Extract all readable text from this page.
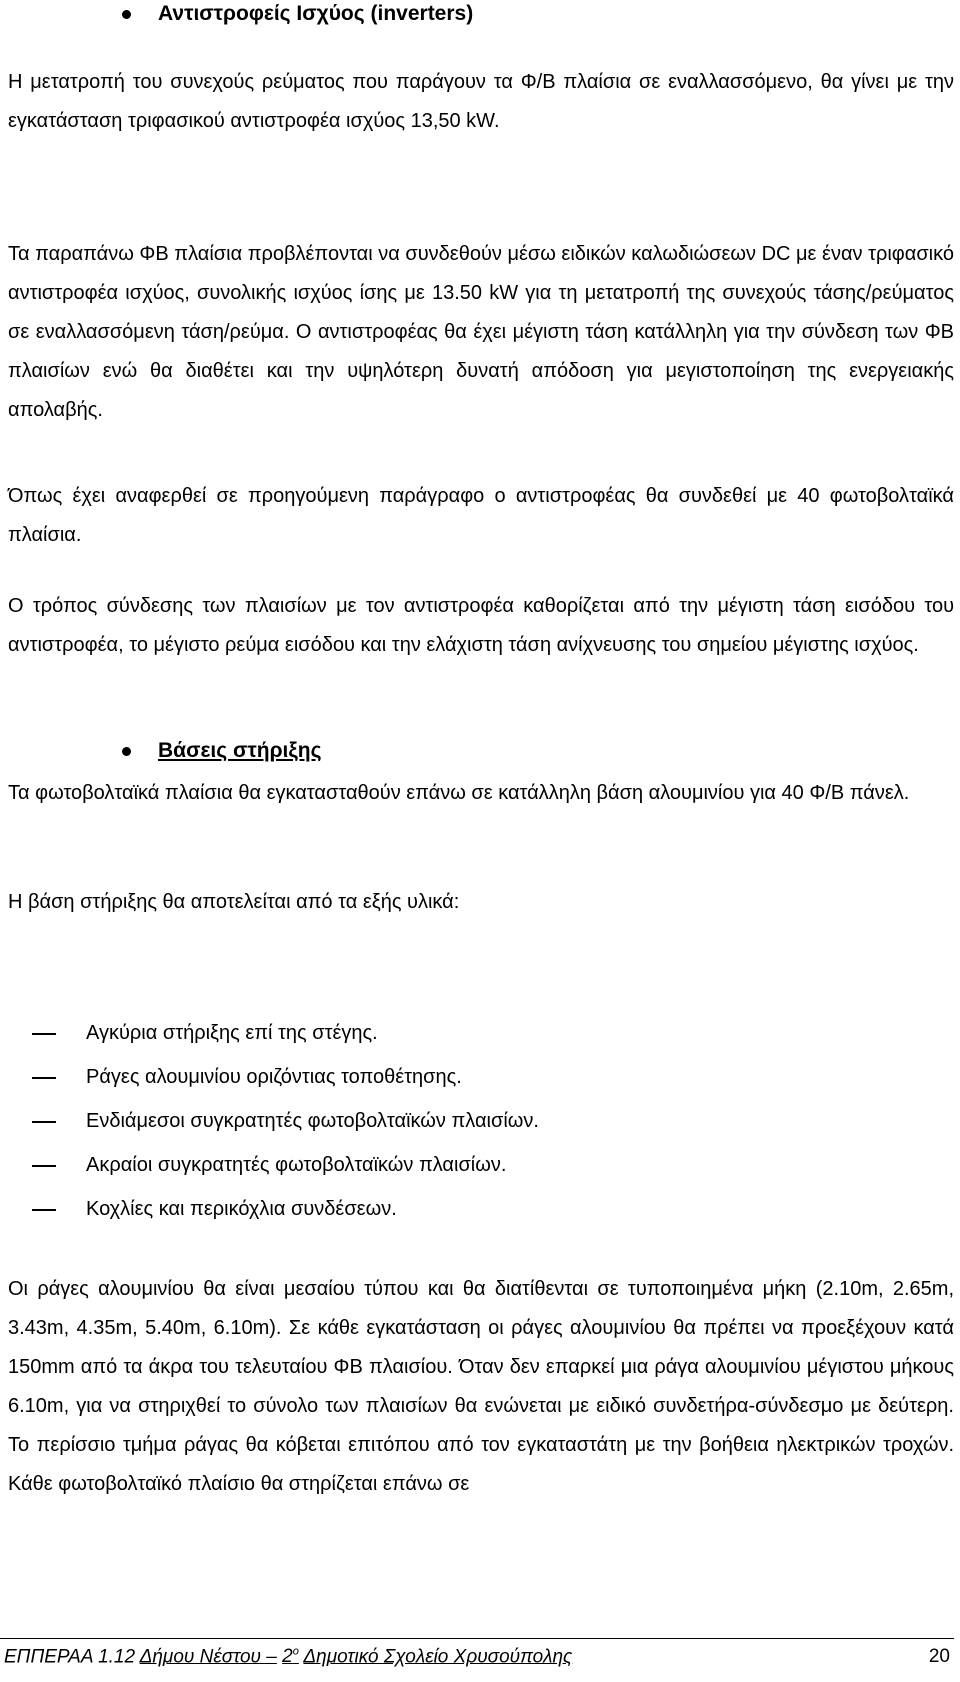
Αντιστροφείς Ισχύος (inverters)
Η μετατροπή του συνεχούς ρεύματος που παράγουν τα Φ/Β πλαίσια σε εναλλασσόμενο, θα γίνει με την εγκατάσταση τριφασικού αντιστροφέα ισχύος 13,50 kW.
Τα παραπάνω ΦΒ πλαίσια προβλέπονται να συνδεθούν μέσω ειδικών καλωδιώσεων DC με έναν τριφασικό αντιστροφέα ισχύος, συνολικής ισχύος ίσης με 13.50 kW για τη μετατροπή της συνεχούς τάσης/ρεύματος σε εναλλασσόμενη τάση/ρεύμα. Ο αντιστροφέας θα έχει μέγιστη τάση κατάλληλη για την σύνδεση των ΦΒ πλαισίων ενώ θα διαθέτει και την υψηλότερη δυνατή απόδοση για μεγιστοποίηση της ενεργειακής απολαβής.
Όπως έχει αναφερθεί σε προηγούμενη παράγραφο ο αντιστροφέας θα συνδεθεί με 40 φωτοβολταϊκά πλαίσια.
Ο τρόπος σύνδεσης των πλαισίων με τον αντιστροφέα καθορίζεται από την μέγιστη τάση εισόδου του αντιστροφέα, το μέγιστο ρεύμα εισόδου και την ελάχιστη τάση ανίχνευσης του σημείου μέγιστης ισχύος.
Βάσεις στήριξης
Τα φωτοβολταϊκά πλαίσια θα εγκατασταθούν επάνω σε κατάλληλη βάση αλουμινίου για 40 Φ/Β πάνελ.
Η βάση στήριξης θα αποτελείται από τα εξής υλικά:
Αγκύρια στήριξης επί της στέγης.
Ράγες αλουμινίου οριζόντιας τοποθέτησης.
Ενδιάμεσοι συγκρατητές φωτοβολταϊκών πλαισίων.
Ακραίοι συγκρατητές φωτοβολταϊκών πλαισίων.
Κοχλίες και περικόχλια συνδέσεων.
Οι ράγες αλουμινίου θα είναι μεσαίου τύπου και θα διατίθενται σε τυποποιημένα μήκη (2.10m, 2.65m, 3.43m, 4.35m, 5.40m, 6.10m). Σε κάθε εγκατάσταση οι ράγες αλουμινίου θα πρέπει να προεξέχουν κατά 150mm από τα άκρα του τελευταίου ΦΒ πλαισίου. Όταν δεν επαρκεί μια ράγα αλουμινίου μέγιστου μήκους 6.10m, για να στηριχθεί το σύνολο των πλαισίων θα ενώνεται με ειδικό συνδετήρα-σύνδεσμο με δεύτερη. Το περίσσιο τμήμα ράγας θα κόβεται επιτόπου από τον εγκαταστάτη με την βοήθεια ηλεκτρικών τροχών. Κάθε φωτοβολταϊκό πλαίσιο θα στηρίζεται επάνω σε
ΕΠΠΕΡΑΑ 1.12 Δήμου Νέστου – $2^o$ Δημοτικό Σχολείο Χρυσούπολης	20
